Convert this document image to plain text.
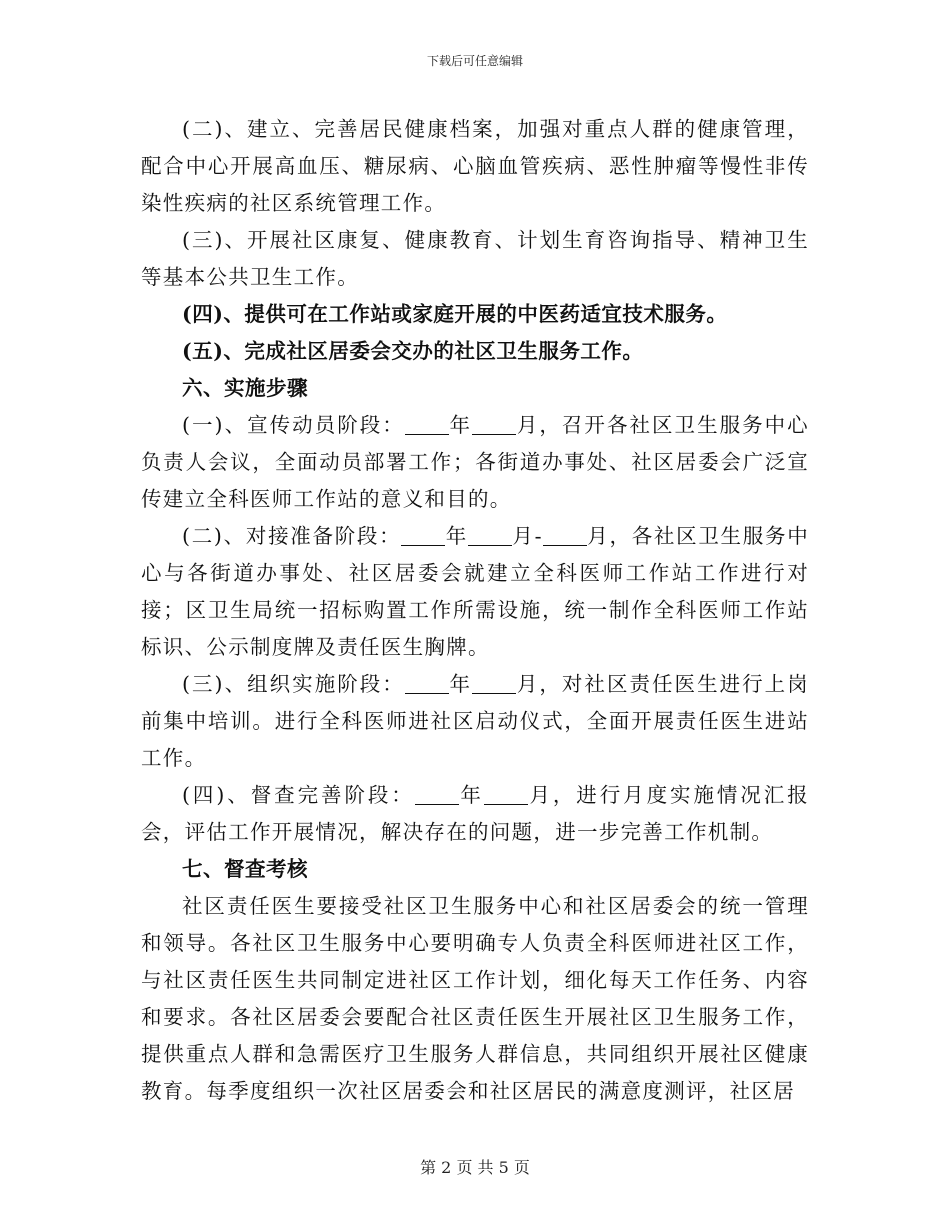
下载后可任意编辑

(二)、建立、完善居民健康档案，加强对重点人群的健康管理，配合中心开展高血压、糖尿病、心脑血管疾病、恶性肿瘤等慢性非传染性疾病的社区系统管理工作。

(三)、开展社区康复、健康教育、计划生育咨询指导、精神卫生等基本公共卫生工作。

(四)、提供可在工作站或家庭开展的中医药适宜技术服务。

(五)、完成社区居委会交办的社区卫生服务工作。

六、实施步骤

(一)、宣传动员阶段： 年 月，召开各社区卫生服务中心负责人会议，全面动员部署工作；各街道办事处、社区居委会广泛宣传建立全科医师工作站的意义和目的。

(二)、对接准备阶段： 年 月- 月，各社区卫生服务中心与各街道办事处、社区居委会就建立全科医师工作站工作进行对接；区卫生局统一招标购置工作所需设施，统一制作全科医师工作站标识、公示制度牌及责任医生胸牌。

(三)、组织实施阶段： 年 月，对社区责任医生进行上岗前集中培训。进行全科医师进社区启动仪式，全面开展责任医生进站工作。

(四)、督查完善阶段： 年 月，进行月度实施情况汇报会，评估工作开展情况，解决存在的问题，进一步完善工作机制。

七、督查考核

社区责任医生要接受社区卫生服务中心和社区居委会的统一管理和领导。各社区卫生服务中心要明确专人负责全科医师进社区工作，与社区责任医生共同制定进社区工作计划，细化每天工作任务、内容和要求。各社区居委会要配合社区责任医生开展社区卫生服务工作，提供重点人群和急需医疗卫生服务人群信息，共同组织开展社区健康教育。每季度组织一次社区居委会和社区居民的满意度测评，社区居

第 2 页 共 5 页
